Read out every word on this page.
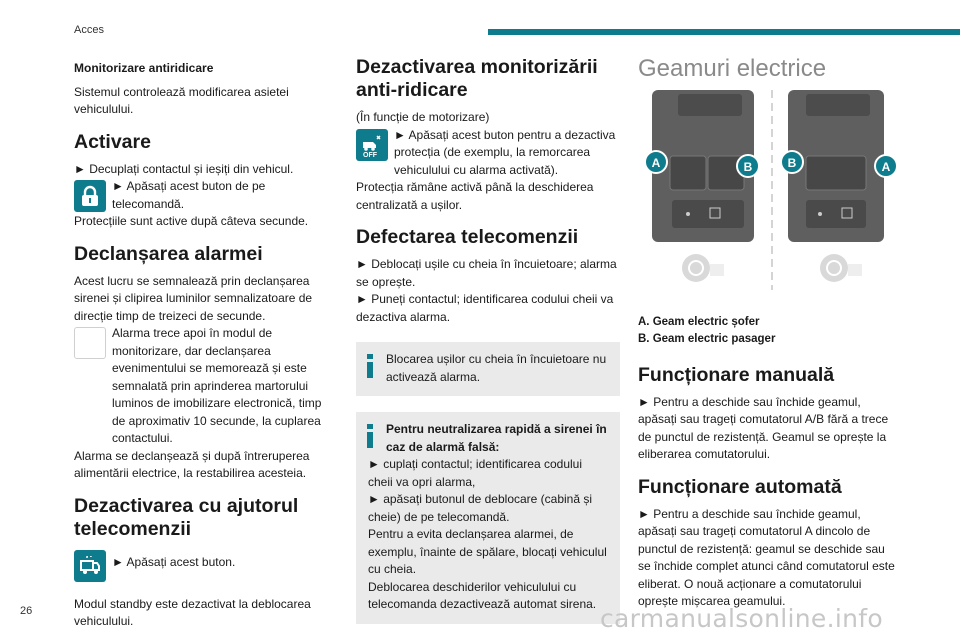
Acces
Monitorizare antiridicare
Sistemul controlează modificarea asietei vehiculului.
Activare
► Decuplați contactul și ieșiți din vehicul.
► Apăsați acest buton de pe telecomandă.
Protecțiile sunt active după câteva secunde.
Declanșarea alarmei
Acest lucru se semnalează prin declanșarea sirenei și clipirea luminilor semnalizatoare de direcție timp de treizeci de secunde.
Alarma trece apoi în modul de monitorizare, dar declanșarea evenimentului se memorează și este semnalată prin aprinderea martorului luminos de imobilizare electronică, timp de aproximativ 10 secunde, la cuplarea contactului.
Alarma se declanșează și după întreruperea alimentării electrice, la restabilirea acesteia.
Dezactivarea cu ajutorul telecomenzii
► Apăsați acest buton.
Modul standby este dezactivat la deblocarea vehiculului.
Dezactivarea monitorizării anti-ridicare
(În funcție de motorizare)
OFF
► Apăsați acest buton pentru a dezactiva protecția (de exemplu, la remorcarea vehiculului cu alarma activată).
Protecția rămâne activă până la deschiderea centralizată a ușilor.
Defectarea telecomenzii
► Deblocați ușile cu cheia în încuietoare; alarma se oprește.
► Puneți contactul; identificarea codului cheii va dezactiva alarma.
Blocarea ușilor cu cheia în încuietoare nu activează alarma.
Pentru neutralizarea rapidă a sirenei în caz de alarmă falsă:
► cuplați contactul; identificarea codului cheii va opri alarma,
► apăsați butonul de deblocare (cabină și cheie) de pe telecomandă.
Pentru a evita declanșarea alarmei, de exemplu, înainte de spălare, blocați vehiculul cu cheia.
Deblocarea deschiderilor vehiculului cu telecomanda dezactivează automat sirena.
Geamuri electrice
A	B	B	A
A. Geam electric șofer
B. Geam electric pasager
Funcționare manuală
► Pentru a deschide sau închide geamul, apăsați sau trageți comutatorul A/B fără a trece de punctul de rezistență. Geamul se oprește la eliberarea comutatorului.
Funcționare automată
► Pentru a deschide sau închide geamul, apăsați sau trageți comutatorul A dincolo de punctul de rezistență: geamul se deschide sau se închide complet atunci când comutatorul este eliberat. O nouă acționare a comutatorului oprește mișcarea geamului.
26	carmanualsonline.info
